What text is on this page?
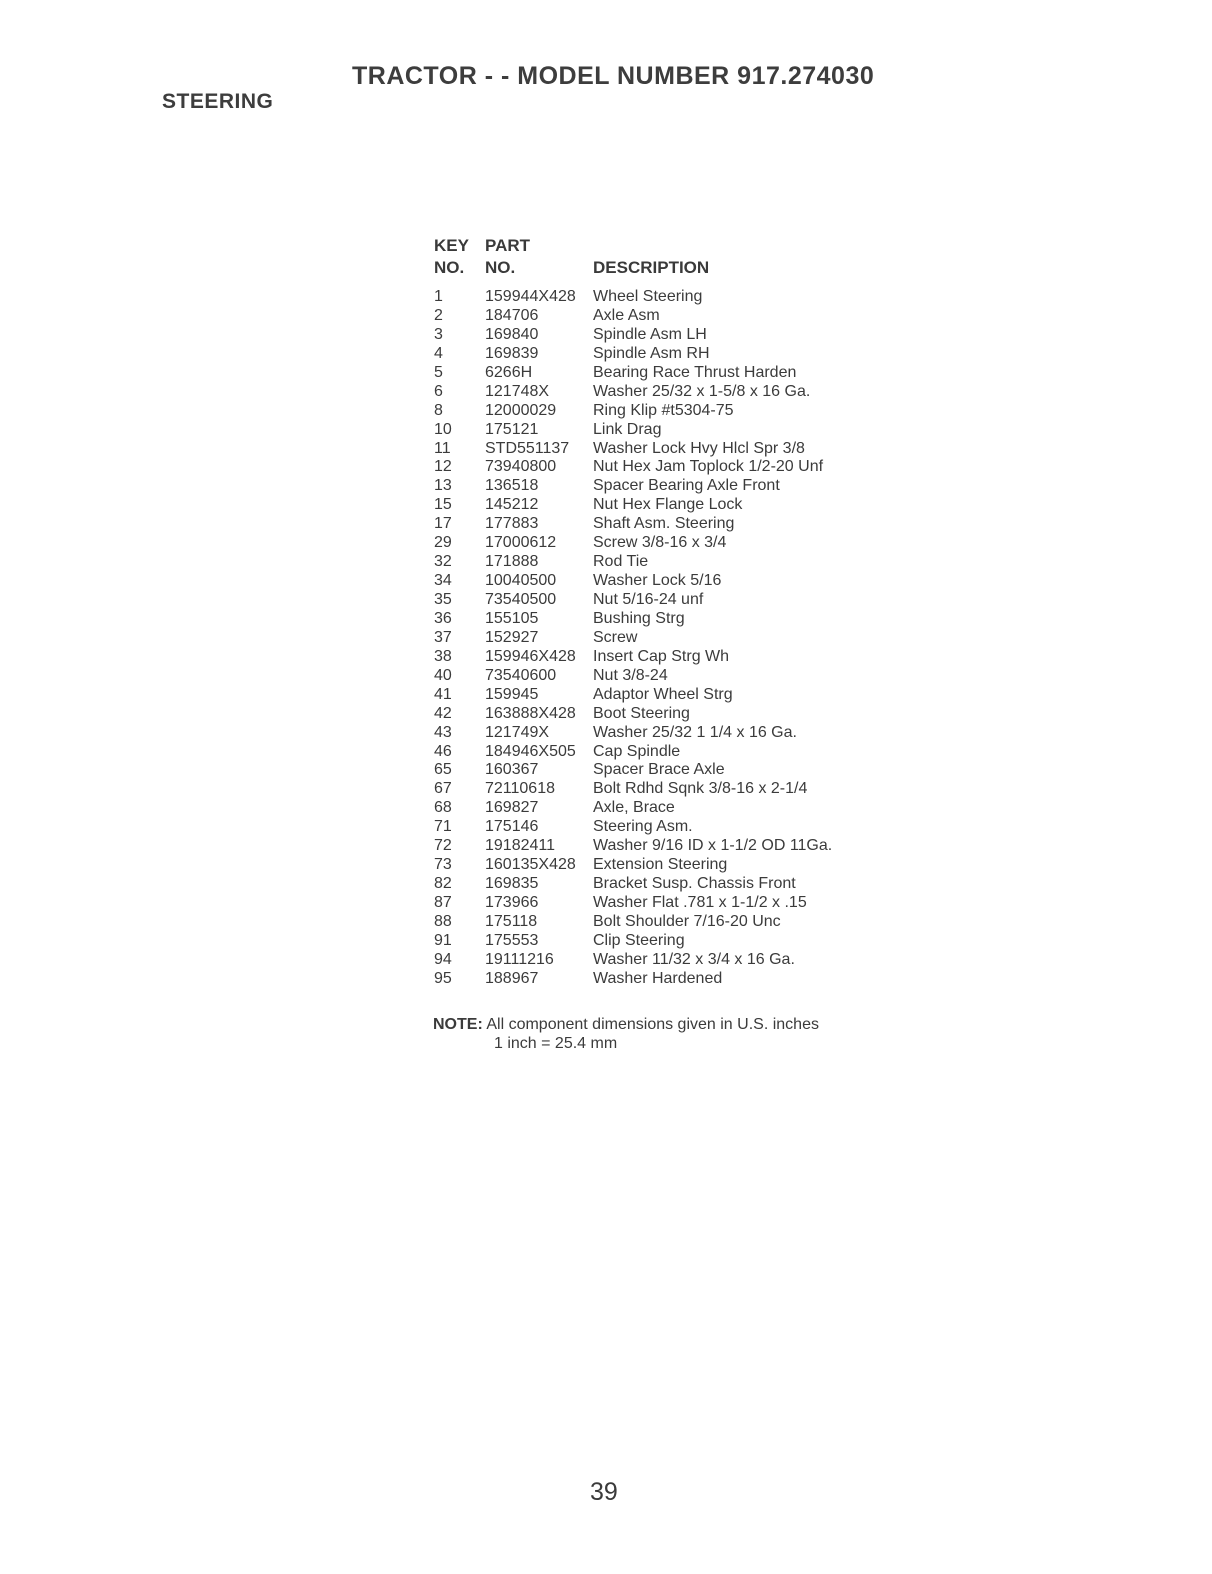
TRACTOR - - MODEL NUMBER 917.274030
STEERING
KEY PART
NO. NO.	DESCRIPTION
1	159944X428 Wheel Steering
2	184706	Axle Asm
3	169840	Spindle Asm LH
4	169839	Spindle Asm RH
5	6266H	Bearing Race Thrust Harden
6	121748X	Washer 25/32 x 1-5/8 x 16 Ga.
8	12000029 Ring Klip #t5304-75
10 175121	Link Drag
11 STD551137 Washer Lock Hvy Hlcl Spr 3/8
12 73940800 Nut Hex Jam Toplock 1/2-20 Unf
13 136518	Spacer Bearing Axle Front
15 145212	Nut Hex Flange Lock
17 177883	Shaft Asm. Steering
29 17000612 Screw 3/8-16 x 3/4
32 171888	Rod Tie
34 10040500 Washer Lock 5/16
35 73540500 Nut 5/16-24 unf
36 155105	Bushing Strg
37 152927	Screw
38 159946X428 Insert Cap Strg Wh
40 73540600 Nut 3/8-24
41 159945	Adaptor Wheel Strg
42 163888X428 Boot Steering
43 121749X	Washer 25/32 1 1/4 x 16 Ga.
46 184946X505 Cap Spindle
65 160367	Spacer Brace Axle
67 72110618 Bolt Rdhd Sqnk 3/8-16 x 2-1/4
68 169827	Axle, Brace
71 175146	Steering Asm.
72 19182411 Washer 9/16 ID x 1-1/2 OD 11Ga.
73 160135X428 Extension Steering
82 169835	Bracket Susp. Chassis Front
87 173966	Washer Flat .781 x 1-1/2 x .15
88 175118	Bolt Shoulder 7/16-20 Unc
91 175553	Clip Steering
94 19111216 Washer 11/32 x 3/4 x 16 Ga.
95 188967	Washer Hardened
NOTE: All component dimensions given in U.S. inches
1 inch = 25.4 mm
39
